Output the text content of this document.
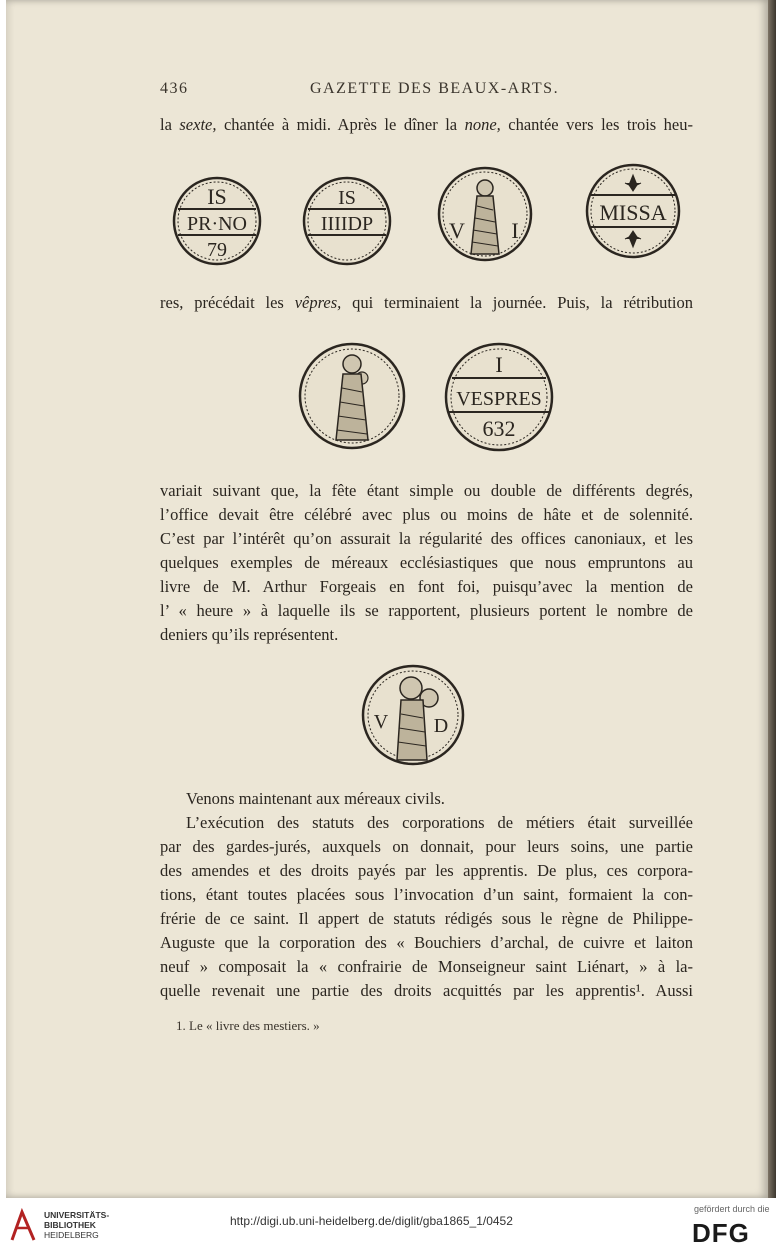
436	GAZETTE DES BEAUX-ARTS.
la sexte, chantée à midi. Après le dîner la none, chantée vers les trois heu-
IS
PR·NO
79
IS
IIIIDP	V I
MISSA
res, précédait les vêpres, qui terminaient la journée. Puis, la rétribution
I
VESPRES
632
variait suivant que, la fête étant simple ou double de différents degrés,
l’office devait être célébré avec plus ou moins de hâte et de solennité.
C’est par l’intérêt qu’on assurait la régularité des offices canoniaux, et les
quelques exemples de méreaux ecclésiastiques que nous empruntons au
livre de M. Arthur Forgeais en font foi, puisqu’avec la mention de
l’ « heure » à laquelle ils se rapportent, plusieurs portent le nombre de
deniers qu’ils représentent.
V D
Venons maintenant aux méreaux civils.
L’exécution des statuts des corporations de métiers était surveillée
par des gardes-jurés, auxquels on donnait, pour leurs soins, une partie
des amendes et des droits payés par les apprentis. De plus, ces corpora-
tions, étant toutes placées sous l’invocation d’un saint, formaient la con-
frérie de ce saint. Il appert de statuts rédigés sous le règne de Philippe-
Auguste que la corporation des « Bouchiers d’archal, de cuivre et laiton
neuf » composait la « confrairie de Monseigneur saint Liénart, » à la-
quelle revenait une partie des droits acquittés par les apprentis¹. Aussi
1. Le « livre des mestiers. »
UNIVERSITÄTS-
BIBLIOTHEK
HEIDELBERG
http://digi.ub.uni-heidelberg.de/diglit/gba1865_1/0452
gefördert durch die
DFG
